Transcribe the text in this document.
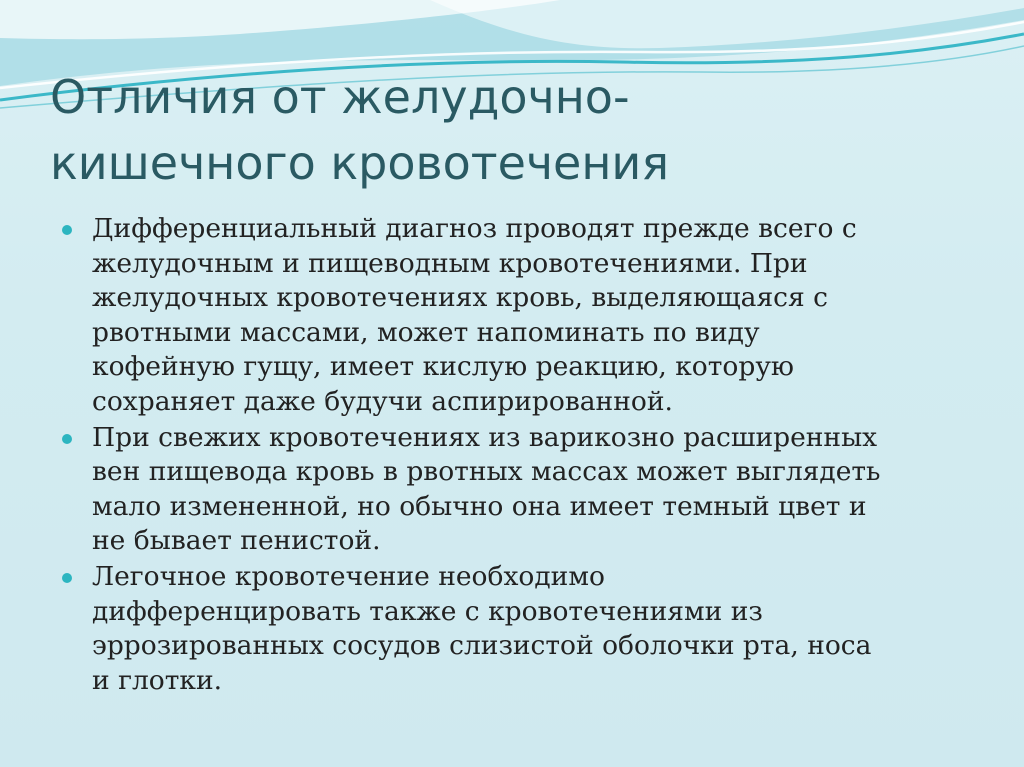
Отличия от желудочно-
кишечного кровотечения
Дифференциальный диагноз проводят прежде всего с
желудочным и пищеводным кровотечениями. При
желудочных кровотечениях кровь, выделяющаяся с
рвотными массами, может напоминать по виду
кофейную гущу, имеет кислую реакцию, которую
сохраняет даже будучи аспирированной.
При свежих кровотечениях из варикозно расширенных
вен пищевода кровь в рвотных массах может выглядеть
мало измененной, но обычно она имеет темный цвет и
не бывает пенистой.
Легочное кровотечение необходимо
дифференцировать также с кровотечениями из
эррозированных сосудов слизистой оболочки рта, носа
и глотки.
